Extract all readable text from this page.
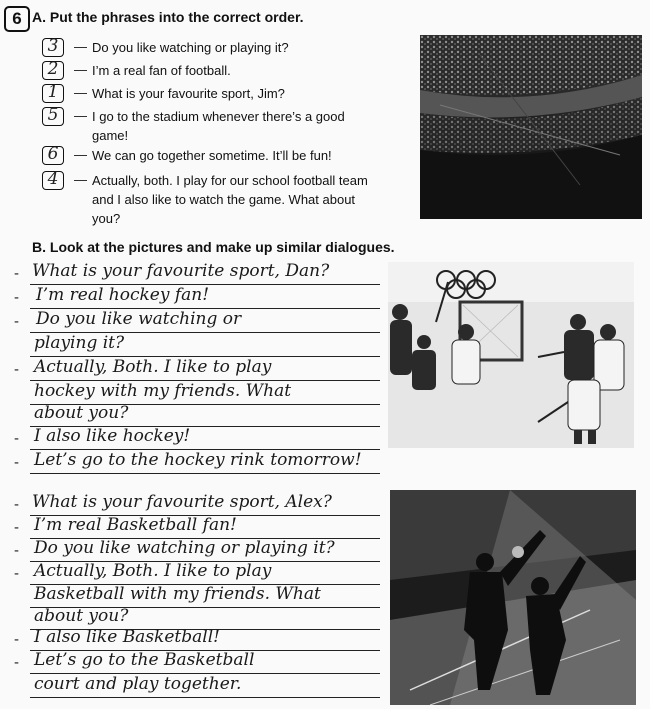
6 A. Put the phrases into the correct order.
3	— Do you like watching or playing it?
2	— I’m a real fan of football.
1	— What is your favourite sport, Jim?
5	— I go to the stadium whenever there’s a good game!
6	— We can go together sometime. It’ll be fun!
4	— Actually, both. I play for our school football team and I also like to watch the game. What about you?
B. Look at the pictures and make up similar dialogues.
- What is your favourite sport, Dan?
- I’m real hockey fan!
- Do you like watching or
playing it?
- Actually, Both. I like to play
hockey with my friends. What
about you?
- I also like hockey!
- Let’s go to the hockey rink tomorrow!
- What is your favourite sport, Alex?
- I’m real Basketball fan!
- Do you like watching or playing it?
- Actually, Both. I like to play
Basketball with my friends. What
about you?
- I also like Basketball!
- Let’s go to the Basketball
court and play together.
